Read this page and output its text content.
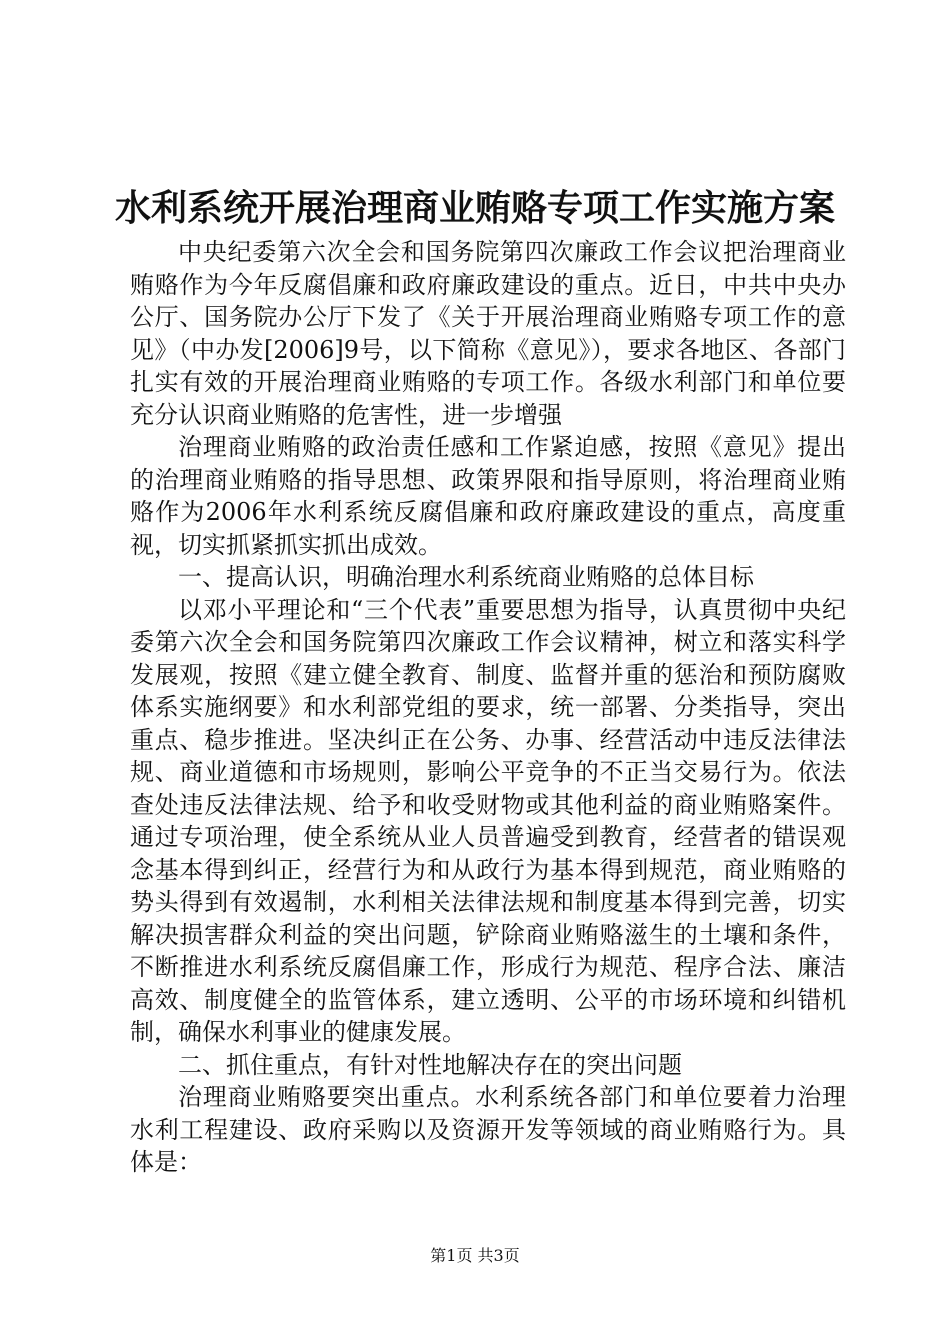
水利系统开展治理商业贿赂专项工作实施方案

中央纪委第六次全会和国务院第四次廉政工作会议把治理商业贿赂作为今年反腐倡廉和政府廉政建设的重点。近日，中共中央办公厅、国务院办公厅下发了《关于开展治理商业贿赂专项工作的意见》（中办发[2006]9号，以下简称《意见》），要求各地区、各部门扎实有效的开展治理商业贿赂的专项工作。各级水利部门和单位要充分认识商业贿赂的危害性，进一步增强

治理商业贿赂的政治责任感和工作紧迫感，按照《意见》提出的治理商业贿赂的指导思想、政策界限和指导原则，将治理商业贿赂作为2006年水利系统反腐倡廉和政府廉政建设的重点，高度重视，切实抓紧抓实抓出成效。

一、提高认识，明确治理水利系统商业贿赂的总体目标

以邓小平理论和“三个代表”重要思想为指导，认真贯彻中央纪委第六次全会和国务院第四次廉政工作会议精神，树立和落实科学发展观，按照《建立健全教育、制度、监督并重的惩治和预防腐败体系实施纲要》和水利部党组的要求，统一部署、分类指导，突出重点、稳步推进。坚决纠正在公务、办事、经营活动中违反法律法规、商业道德和市场规则，影响公平竞争的不正当交易行为。依法查处违反法律法规、给予和收受财物或其他利益的商业贿赂案件。通过专项治理，使全系统从业人员普遍受到教育，经营者的错误观念基本得到纠正，经营行为和从政行为基本得到规范，商业贿赂的势头得到有效遏制，水利相关法律法规和制度基本得到完善，切实解决损害群众利益的突出问题，铲除商业贿赂滋生的土壤和条件，不断推进水利系统反腐倡廉工作，形成行为规范、程序合法、廉洁高效、制度健全的监管体系，建立透明、公平的市场环境和纠错机制，确保水利事业的健康发展。

二、抓住重点，有针对性地解决存在的突出问题

治理商业贿赂要突出重点。水利系统各部门和单位要着力治理水利工程建设、政府采购以及资源开发等领域的商业贿赂行为。具体是：

第1页 共3页
